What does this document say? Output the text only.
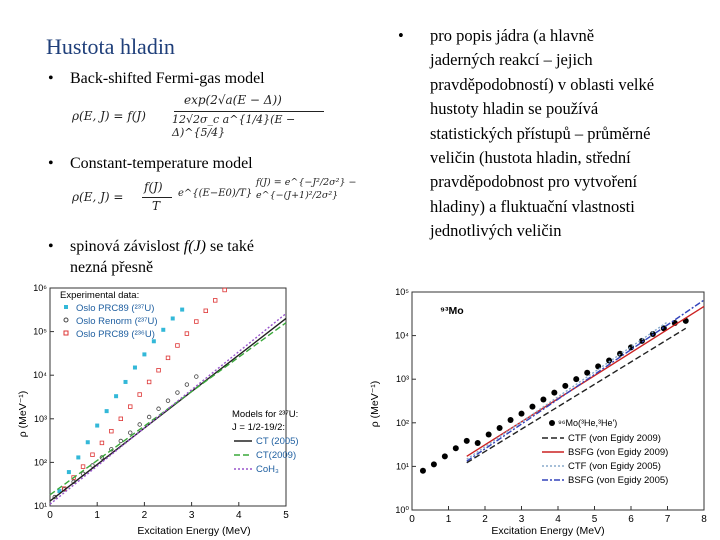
Hustota hladin
• Back-shifted Fermi-gas model
ρ(E, J) = f(J)
exp(2√a(E − Δ))
12√2σ_c a^{1/4}(E − Δ)^{5/4}
• Constant-temperature model
ρ(E, J) =
f(J)
T
e^{(E−E0)/T}
f(J) = e^{−J²/2σ²} − e^{−(J+1)²/2σ²}
• spinová závislost f(J) se také
nezná přesně
• pro popis jádra (a hlavně
jaderných reakcí – jejich
pravděpodobností) v oblasti velké
hustoty hladin se používá
statistických přístupů – průměrné
veličin (hustota hladin, střední
pravděpodobnost pro vytvoření
hladiny) a fluktuační vlastnosti
jednotlivých veličin
0	1	2	3	4	5
10¹
10²
10³
10⁴
10⁵
10⁶
Excitation Energy (MeV)
ρ (MeV⁻¹)
Experimental data:
Oslo PRC89 (²³⁷U)
Oslo Renorm (²³⁷U)
Oslo PRC89 (²³⁶U)
Models for ²³⁷U:
J = 1/2-19/2:
CT (2005)
CT(2009)
CoH₃
0	1	2	3	4	5	6	7	8
10⁰
10¹
10²
10³
10⁴
10⁵
⁹³Mo
Excitation Energy (MeV)
ρ (MeV⁻¹)	⁹⁶Mo(³He,³He')
CTF (von Egidy 2009)
BSFG (von Egidy 2009)
CTF (von Egidy 2005)
BSFG (von Egidy 2005)
